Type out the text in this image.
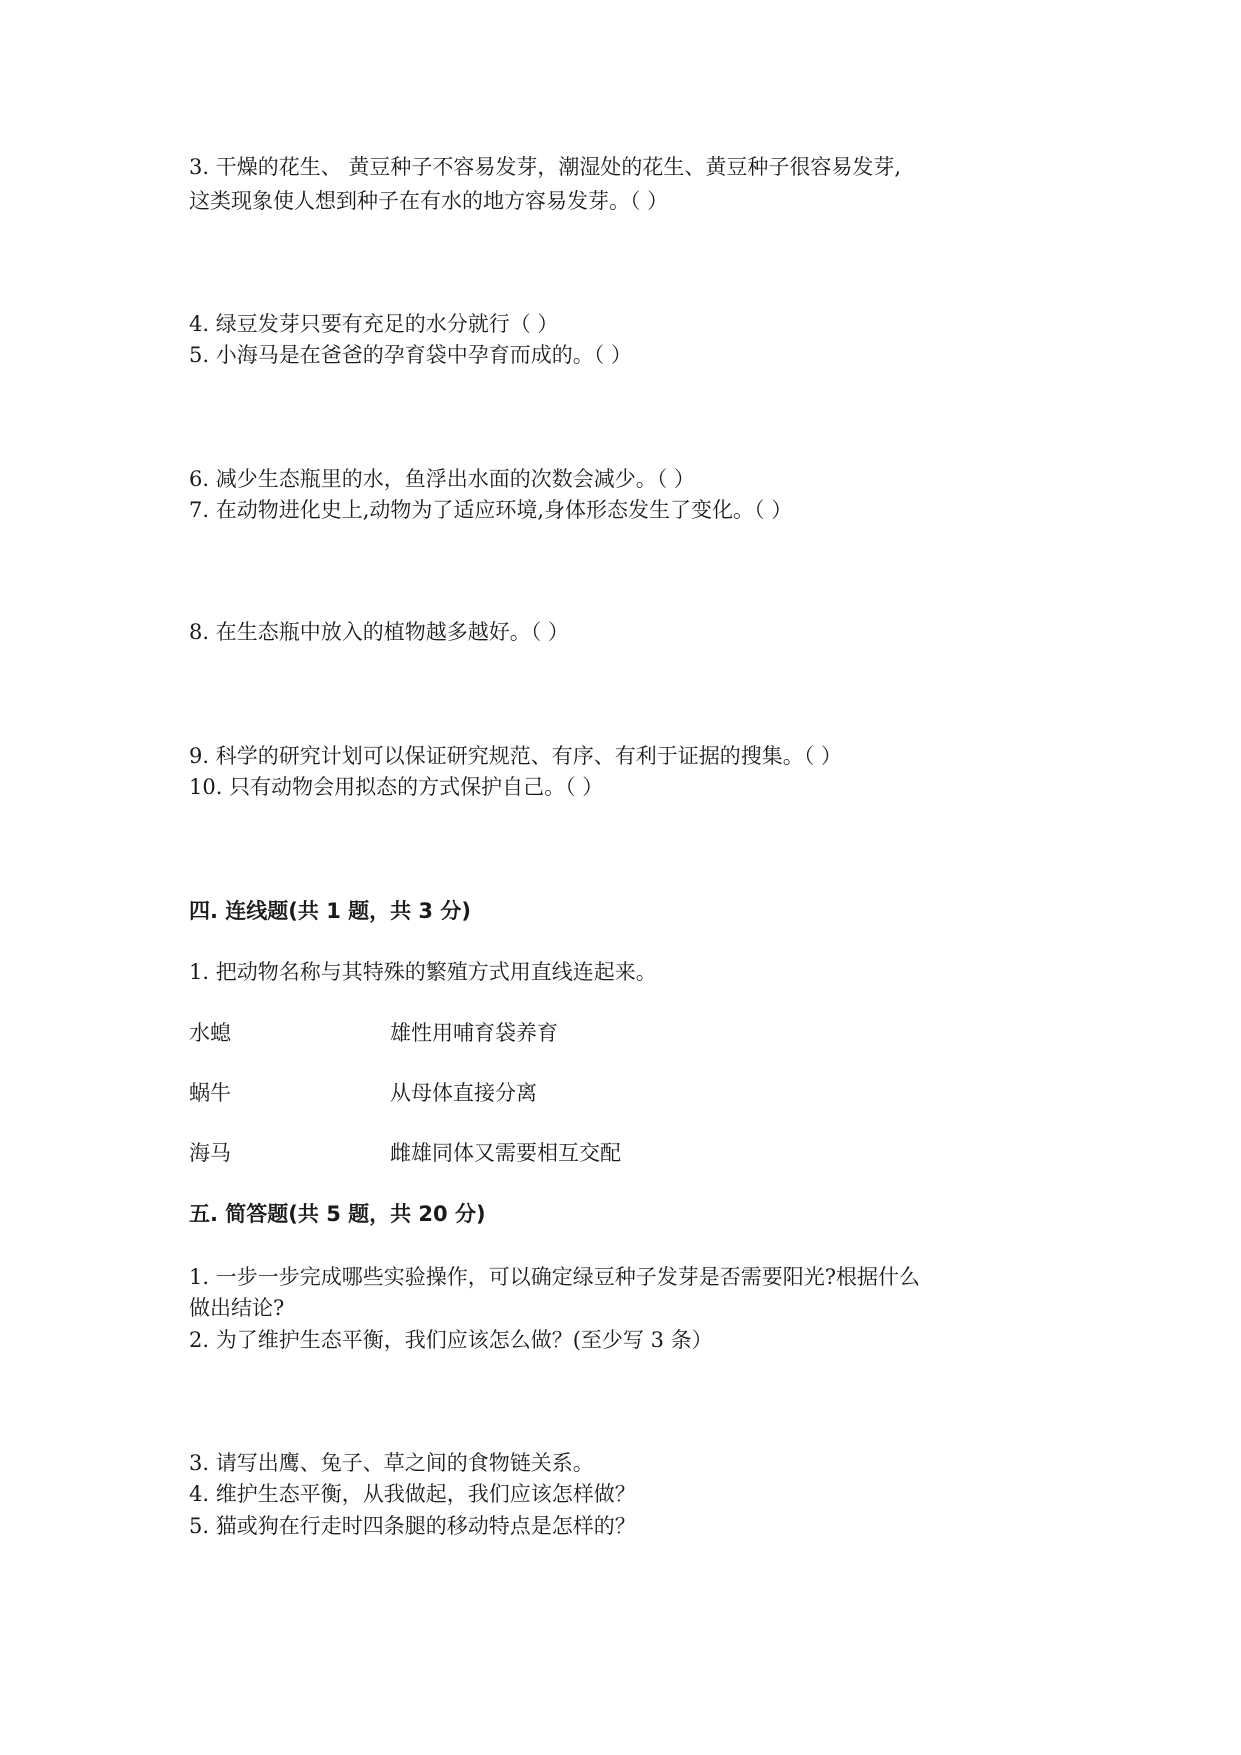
3. 干燥的花生、 黄豆种子不容易发芽，潮湿处的花生、黄豆种子很容易发芽,
这类现象使人想到种子在有水的地方容易发芽。（ ）
4. 绿豆发芽只要有充足的水分就行（ ）
5. 小海马是在爸爸的孕育袋中孕育而成的。（ ）
6. 减少生态瓶里的水，鱼浮出水面的次数会减少。（ ）
7. 在动物进化史上,动物为了适应环境,身体形态发生了变化。（ ）
8. 在生态瓶中放入的植物越多越好。（ ）
9. 科学的研究计划可以保证研究规范、有序、有利于证据的搜集。（ ）
10. 只有动物会用拟态的方式保护自己。（ ）
四. 连线题(共 1 题，共 3 分)
1. 把动物名称与其特殊的繁殖方式用直线连起来。
水螅	雄性用哺育袋养育
蜗牛	从母体直接分离
海马	雌雄同体又需要相互交配
五. 简答题(共 5 题，共 20 分)
1. 一步一步完成哪些实验操作，可以确定绿豆种子发芽是否需要阳光?根据什么
做出结论?
2. 为了维护生态平衡，我们应该怎么做？(至少写 3 条）
3. 请写出鹰、兔子、草之间的食物链关系。
4. 维护生态平衡，从我做起，我们应该怎样做？
5. 猫或狗在行走时四条腿的移动特点是怎样的？
